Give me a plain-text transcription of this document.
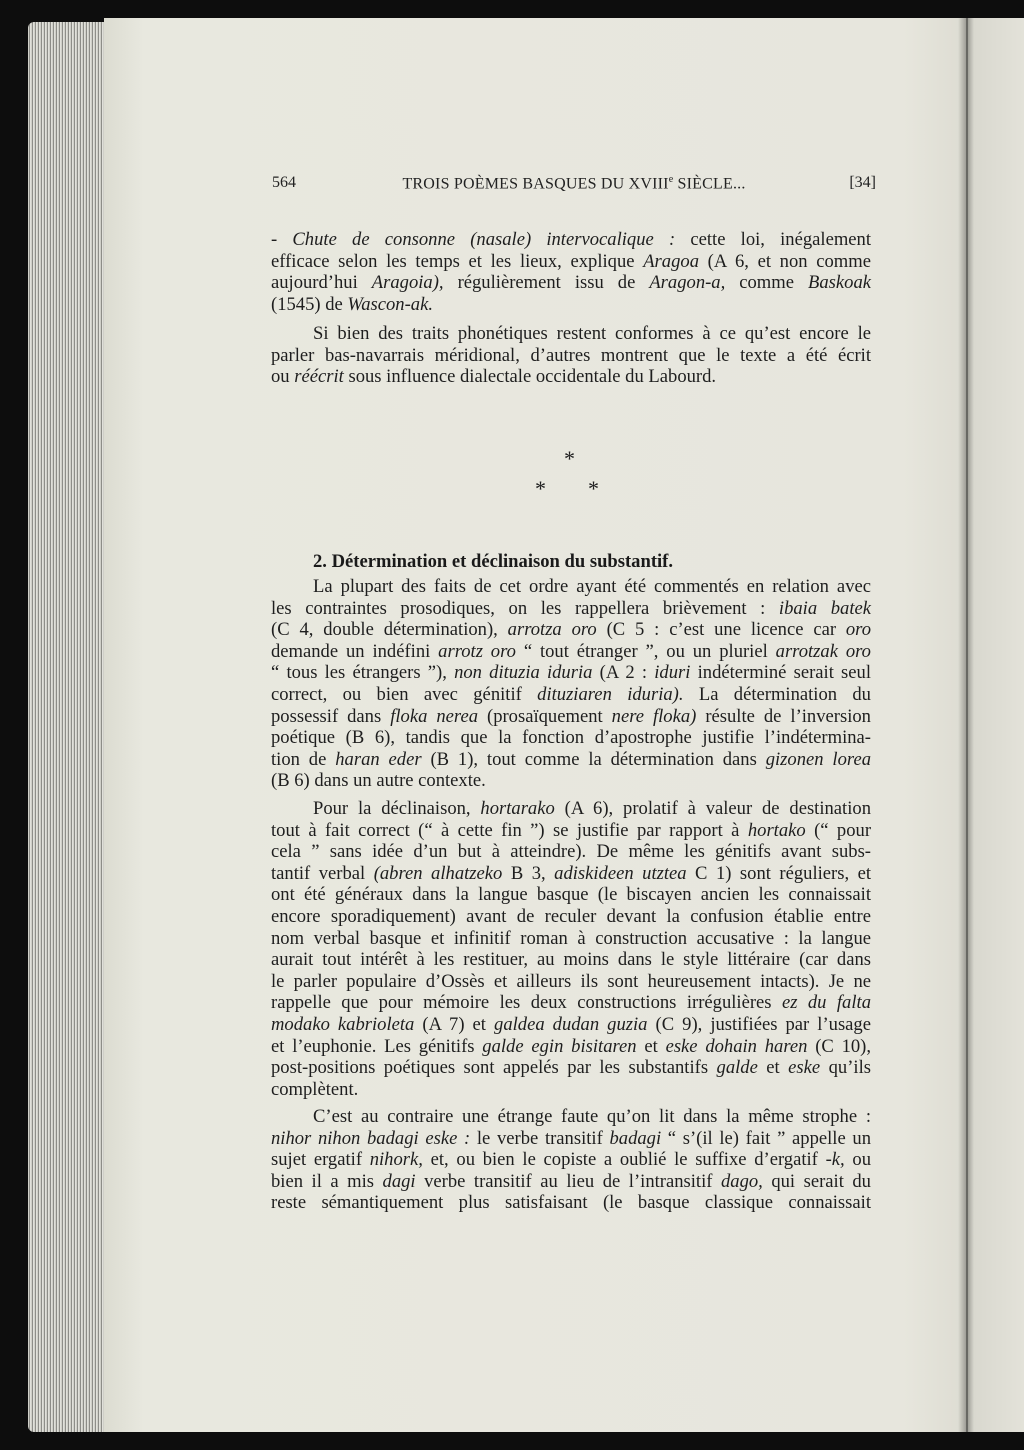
564	TROIS POÈMES BASQUES DU XVIIIe SIÈCLE...	[34]
- Chute de consonne (nasale) intervocalique : cette loi, inégalement
efficace selon les temps et les lieux, explique Aragoa (A 6, et non comme
aujourd’hui Aragoia), régulièrement issu de Aragon-a, comme Baskoak
(1545) de Wascon-ak.
Si bien des traits phonétiques restent conformes à ce qu’est encore le
parler bas-navarrais méridional, d’autres montrent que le texte a été écrit
ou réécrit sous influence dialectale occidentale du Labourd.
*
* *
2. Détermination et déclinaison du substantif.
La plupart des faits de cet ordre ayant été commentés en relation avec
les contraintes prosodiques, on les rappellera brièvement : ibaia batek
(C 4, double détermination), arrotza oro (C 5 : c’est une licence car oro
demande un indéfini arrotz oro “ tout étranger ”, ou un pluriel arrotzak oro
“ tous les étrangers ”), non dituzia iduria (A 2 : iduri indéterminé serait seul
correct, ou bien avec génitif dituziaren iduria). La détermination du
possessif dans floka nerea (prosaïquement nere floka) résulte de l’inversion
poétique (B 6), tandis que la fonction d’apostrophe justifie l’indétermina-
tion de haran eder (B 1), tout comme la détermination dans gizonen lorea
(B 6) dans un autre contexte.
Pour la déclinaison, hortarako (A 6), prolatif à valeur de destination
tout à fait correct (“ à cette fin ”) se justifie par rapport à hortako (“ pour
cela ” sans idée d’un but à atteindre). De même les génitifs avant subs-
tantif verbal (abren alhatzeko B 3, adiskideen utztea C 1) sont réguliers, et
ont été généraux dans la langue basque (le biscayen ancien les connaissait
encore sporadiquement) avant de reculer devant la confusion établie entre
nom verbal basque et infinitif roman à construction accusative : la langue
aurait tout intérêt à les restituer, au moins dans le style littéraire (car dans
le parler populaire d’Ossès et ailleurs ils sont heureusement intacts). Je ne
rappelle que pour mémoire les deux constructions irrégulières ez du falta
modako kabrioleta (A 7) et galdea dudan guzia (C 9), justifiées par l’usage
et l’euphonie. Les génitifs galde egin bisitaren et eske dohain haren (C 10),
post-positions poétiques sont appelés par les substantifs galde et eske qu’ils
complètent.
C’est au contraire une étrange faute qu’on lit dans la même strophe :
nihor nihon badagi eske : le verbe transitif badagi “ s’(il le) fait ” appelle un
sujet ergatif nihork, et, ou bien le copiste a oublié le suffixe d’ergatif -k, ou
bien il a mis dagi verbe transitif au lieu de l’intransitif dago, qui serait du
reste sémantiquement plus satisfaisant (le basque classique connaissait
